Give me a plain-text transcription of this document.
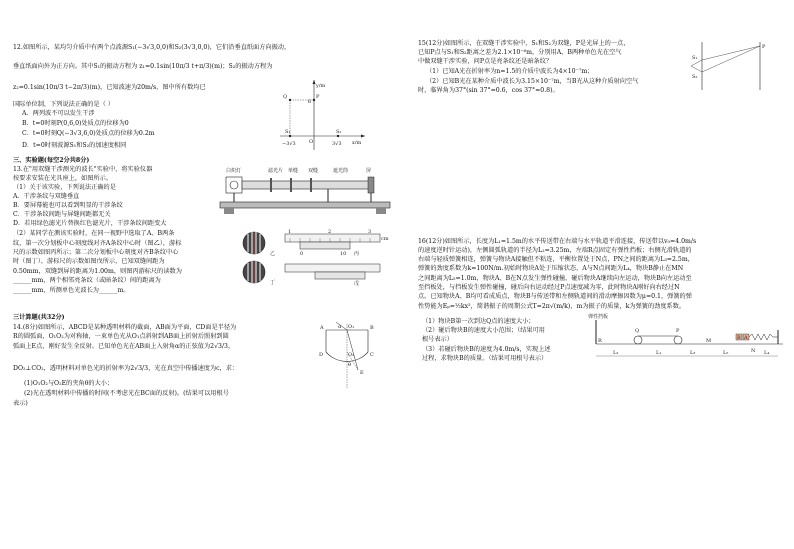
12.如图所示，某均匀介质中有两个点波源S₁(−3√3,0,0)和S₂(3√3,0,0)，它们沿垂直纸面方向振动，
垂直纸面向外为正方向。其中S₁的振动方程为 z₁=0.1sin(10π/3 t+π/3)(m)；S₂的振动方程为
z₂=0.1sin(10π/3 t−2π/3)(m)，已知波速为20m/s，图中所有数均已
国际单位制，下列说法正确的是（ ）
A．两列波不可以发生干涉
B．t=0时刻P(0,6,0)处质点的位移为0
C．t=0时刻Q(−3√3,6,0)处质点的位移为0.2m
D．t=0时刻波源S₁和S₂的加速度相同
P
Q
S₁	S₂
y/m
x/m
6
−3√3	3√3
O
三、实验题(每空2分共8分)
13.在"用双缝干涉测光的波长"实验中，将实验仪器
按要求安装在光具座上，如图所示。
（1）关于该实验，下列说法正确的是
A．干涉条纹与双缝垂直
B．要屏幕能也可以看到明显的干涉条纹
C．干涉条纹间距与屏缝间距都无关
D．若用绿色滤光片替换红色滤光片，干涉条纹间距变大
（2）某同学在测该实验时，在同一视野中选取了A、B两条
纹，第一次分划板中心刻度线对齐A条纹中心时（图乙），游标
尺的示数如图丙所示；第二次分划板中心刻度对齐B条纹中心
时（图丁），游标尺的示数如图戊所示，已知双缝间距为
0.50mm，双缝到屏的距离为1.00m，则图丙游标尺的读数为
______mm，两个相邻亮条纹（或暗条纹）间的距离为
______mm，所测单色光波长为______m。
白炽灯	滤光片 单缝 双缝	遮光筒	屏
乙
丁
1	2	3
cm
0	10 丙
戊
三计算题(共32分)
14.(8分)如图所示，ABCD是某种透明材料的截面，AB面为平面，CD面是半径为
R的圆弧面，O₁O₂为对称轴，一束单色光从O₁点斜射到AB面上折射后照射到圆
弧面上E点，刚好发生全反射。已知单色光在AB面上入射角α的正弦值为2√3/3，
DO₂⊥CO₂，透明材料对单色光的折射率为2√3/3，光在真空中传播速度为c，求：
(1)O₁O₂与O₂E的夹角θ的大小；
(2)光在透明材料中传播的时间(不考虑光在BC面的反射)。(结果可以用根号
表示)
A	B
C
D
E
O₁
O₂
α
θ
15(12分)如图所示，在双缝干涉实验中，S₁和S₂为双缝，P是光屏上的一点，
已知P点与S₁和S₂距离之差为2.1×10⁻⁶m，分别用A、B两种单色光在空气
中做双缝干涉实验，问P点是亮条纹还是暗条纹？
（1）已知A光在折射率为n=1.5的介质中波长为4×10⁻⁷m；
（2）已知B光在某种介质中波长为3.15×10⁻⁷m，当B光从这种介质射向空气
时，临界角为37°(sin 37°=0.6，cos 37°=0.8)。
S₁
S₂
P
16(12分)如图所示，长度为L₁=1.5m的水平传送带在右端与水平轨道平滑连接，传送带以v₀=4.0m/s
的速度逆时针运动)，左侧圆弧轨道的半径为L₂=3.25m，左端R点固定有弹性挡板；右侧光滑轨道的
右端与轻质弹簧相连，弹簧与物块A接触但不粘连，平衡位置处于N点，PN之间的距离为L₃=2.5m，
弹簧的劲度系数为k=100N/m.初始时物块A处于压缩状态，A与N点间距为L₄，物块B静止在MN
之间距离为L₅=1.0m，物块A、B在N点发生弹性碰撞，碰后物块A继续向左运动，物块B向左运动至
至挡板处，与挡板发生弹性碰撞，碰后向右运动经过P点速度减为零，此时物块A刚好向右经过N
点。已知物块A、B均可看成质点，物块B与传送带和左侧轨道间的滑动摩擦因数为μ=0.1，弹簧的弹
性势能为Eₚ=½kx²，简谐振子的周期公式T=2π√(m/k)，m为振子的质量，k为弹簧的劲度系数。
（1）物块B第一次到达Q点的速度大小；
（2）碰后物块B的速度大小范围；（结果可用
根号表示）
（3）若碰后物块B的速度为4.0m/s，实现上述
过程，求物块B的质量。（结果可用根号表示）
弹性挡板
R
Q	P
M
N
B A
L₂	L₁	L₃	L₅	L₄
